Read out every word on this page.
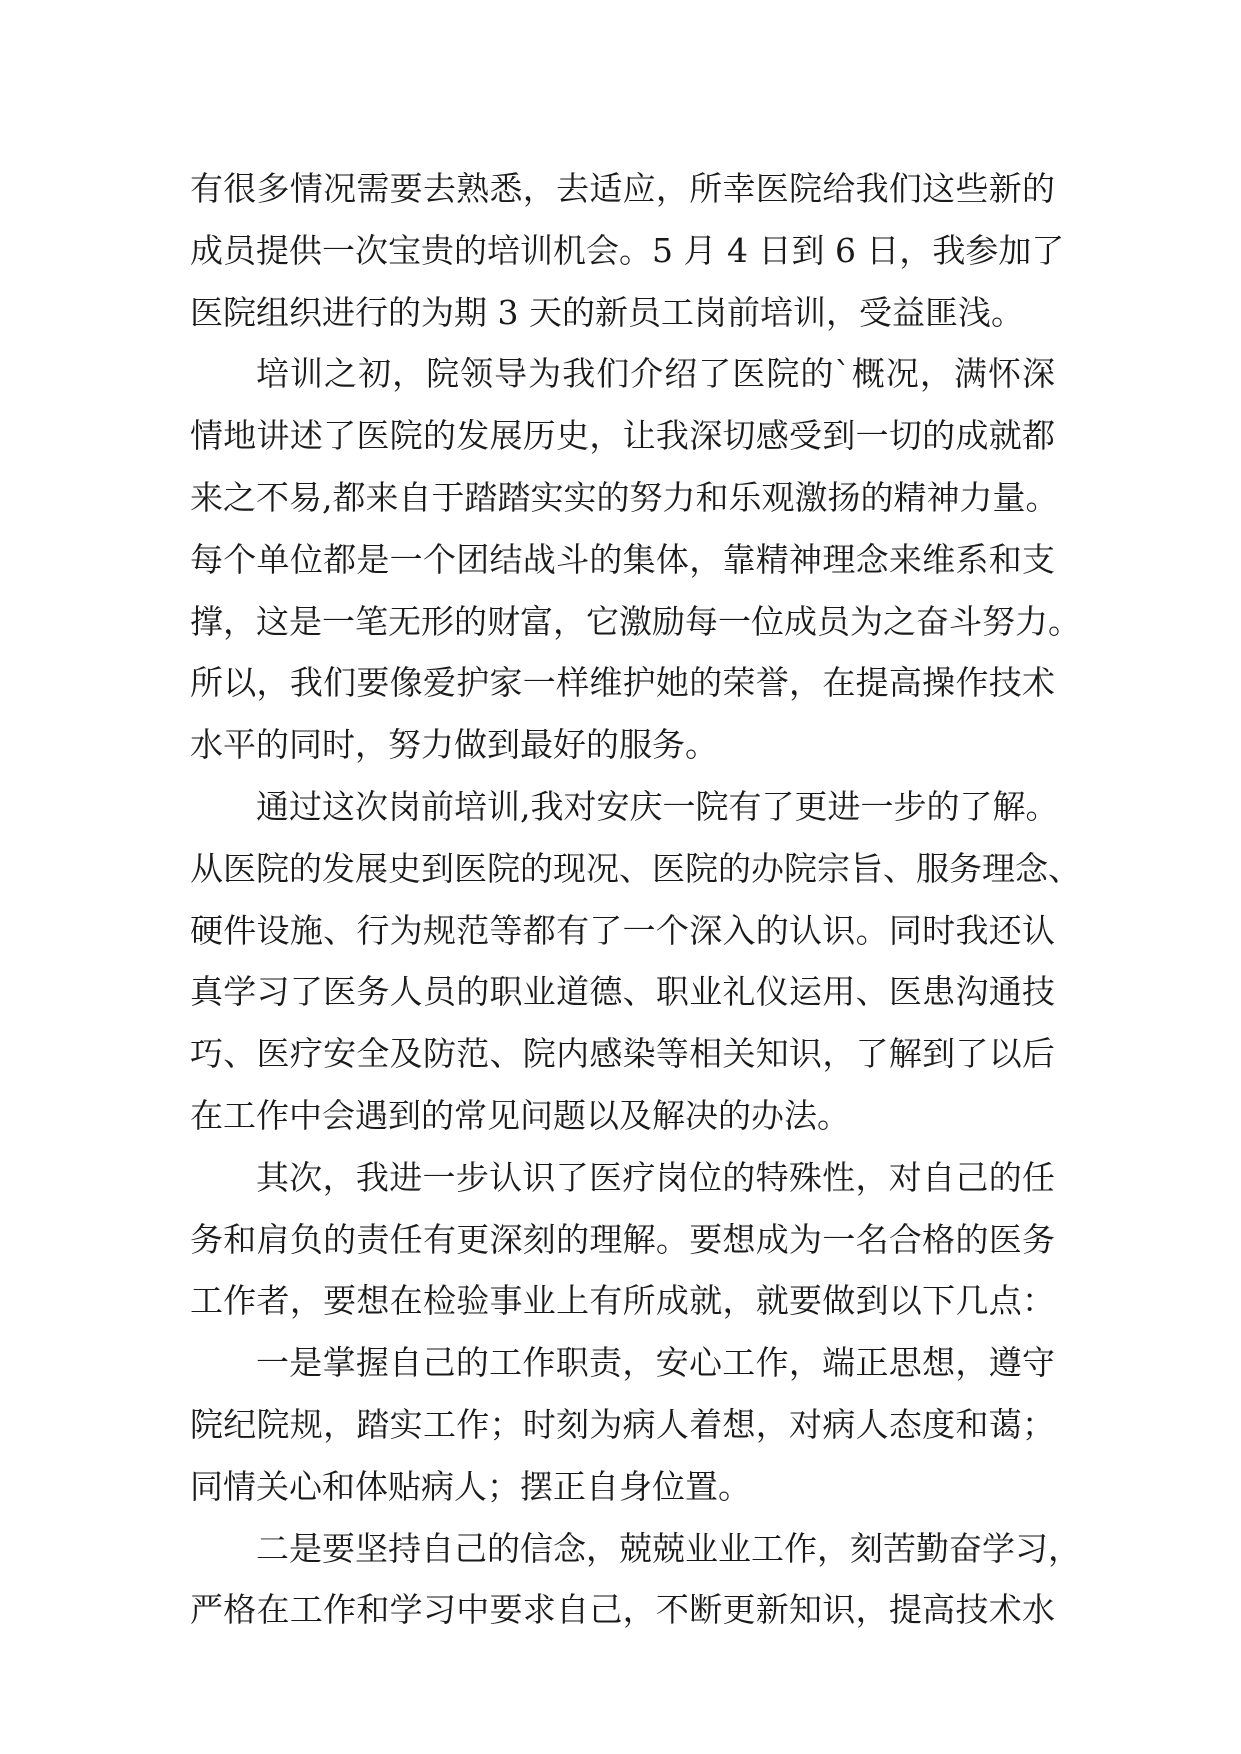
有很多情况需要去熟悉，去适应，所幸医院给我们这些新的
成员提供一次宝贵的培训机会。5 月 4 日到 6 日，我参加了
医院组织进行的为期 3 天的新员工岗前培训，受益匪浅。
培训之初，院领导为我们介绍了医院的`概况，满怀深
情地讲述了医院的发展历史，让我深切感受到一切的成就都
来之不易,都来自于踏踏实实的努力和乐观激扬的精神力量。
每个单位都是一个团结战斗的集体，靠精神理念来维系和支
撑，这是一笔无形的财富，它激励每一位成员为之奋斗努力。
所以，我们要像爱护家一样维护她的荣誉，在提高操作技术
水平的同时，努力做到最好的服务。
通过这次岗前培训,我对安庆一院有了更进一步的了解。
从医院的发展史到医院的现况、医院的办院宗旨、服务理念、
硬件设施、行为规范等都有了一个深入的认识。同时我还认
真学习了医务人员的职业道德、职业礼仪运用、医患沟通技
巧、医疗安全及防范、院内感染等相关知识，了解到了以后
在工作中会遇到的常见问题以及解决的办法。
其次，我进一步认识了医疗岗位的特殊性，对自己的任
务和肩负的责任有更深刻的理解。要想成为一名合格的医务
工作者，要想在检验事业上有所成就，就要做到以下几点：
一是掌握自己的工作职责，安心工作，端正思想，遵守
院纪院规，踏实工作；时刻为病人着想，对病人态度和蔼；
同情关心和体贴病人；摆正自身位置。
二是要坚持自己的信念，兢兢业业工作，刻苦勤奋学习，
严格在工作和学习中要求自己，不断更新知识，提高技术水
